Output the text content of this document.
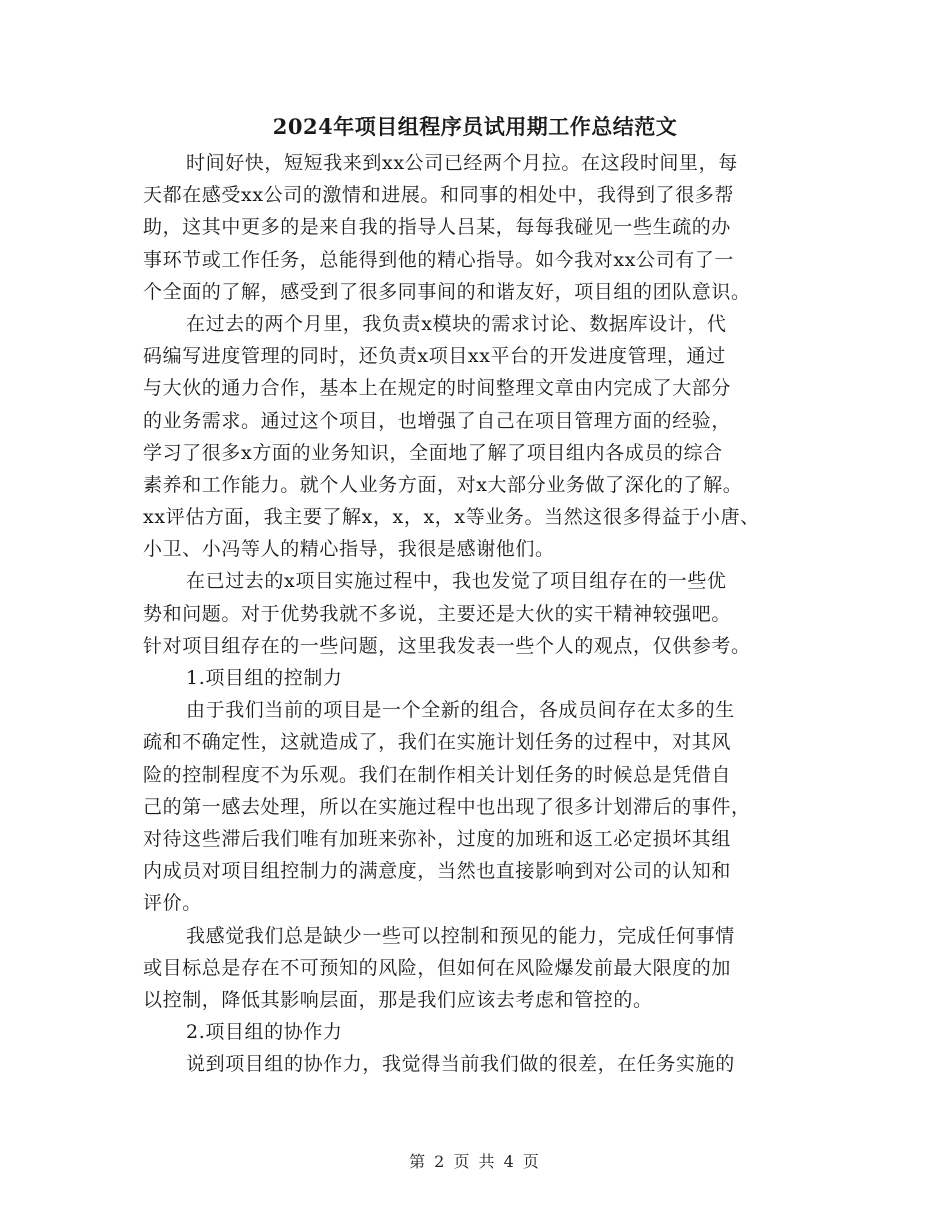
2024年项目组程序员试用期工作总结范文
时间好快，短短我来到xx公司已经两个月拉。在这段时间里，每
天都在感受xx公司的激情和进展。和同事的相处中，我得到了很多帮
助，这其中更多的是来自我的指导人吕某，每每我碰见一些生疏的办
事环节或工作任务，总能得到他的精心指导。如今我对xx公司有了一
个全面的了解，感受到了很多同事间的和谐友好，项目组的团队意识。
在过去的两个月里，我负责x模块的需求讨论、数据库设计，代
码编写进度管理的同时，还负责x项目xx平台的开发进度管理，通过
与大伙的通力合作，基本上在规定的时间整理文章由内完成了大部分
的业务需求。通过这个项目，也增强了自己在项目管理方面的经验，
学习了很多x方面的业务知识，全面地了解了项目组内各成员的综合
素养和工作能力。就个人业务方面，对x大部分业务做了深化的了解。
xx评估方面，我主要了解x，x，x，x等业务。当然这很多得益于小唐、
小卫、小冯等人的精心指导，我很是感谢他们。
在已过去的x项目实施过程中，我也发觉了项目组存在的一些优
势和问题。对于优势我就不多说，主要还是大伙的实干精神较强吧。
针对项目组存在的一些问题，这里我发表一些个人的观点，仅供参考。
1.项目组的控制力
由于我们当前的项目是一个全新的组合，各成员间存在太多的生
疏和不确定性，这就造成了，我们在实施计划任务的过程中，对其风
险的控制程度不为乐观。我们在制作相关计划任务的时候总是凭借自
己的第一感去处理，所以在实施过程中也出现了很多计划滞后的事件，
对待这些滞后我们唯有加班来弥补，过度的加班和返工必定损坏其组
内成员对项目组控制力的满意度，当然也直接影响到对公司的认知和
评价。
我感觉我们总是缺少一些可以控制和预见的能力，完成任何事情
或目标总是存在不可预知的风险，但如何在风险爆发前最大限度的加
以控制，降低其影响层面，那是我们应该去考虑和管控的。
2.项目组的协作力
说到项目组的协作力，我觉得当前我们做的很差，在任务实施的
第 2 页 共 4 页
